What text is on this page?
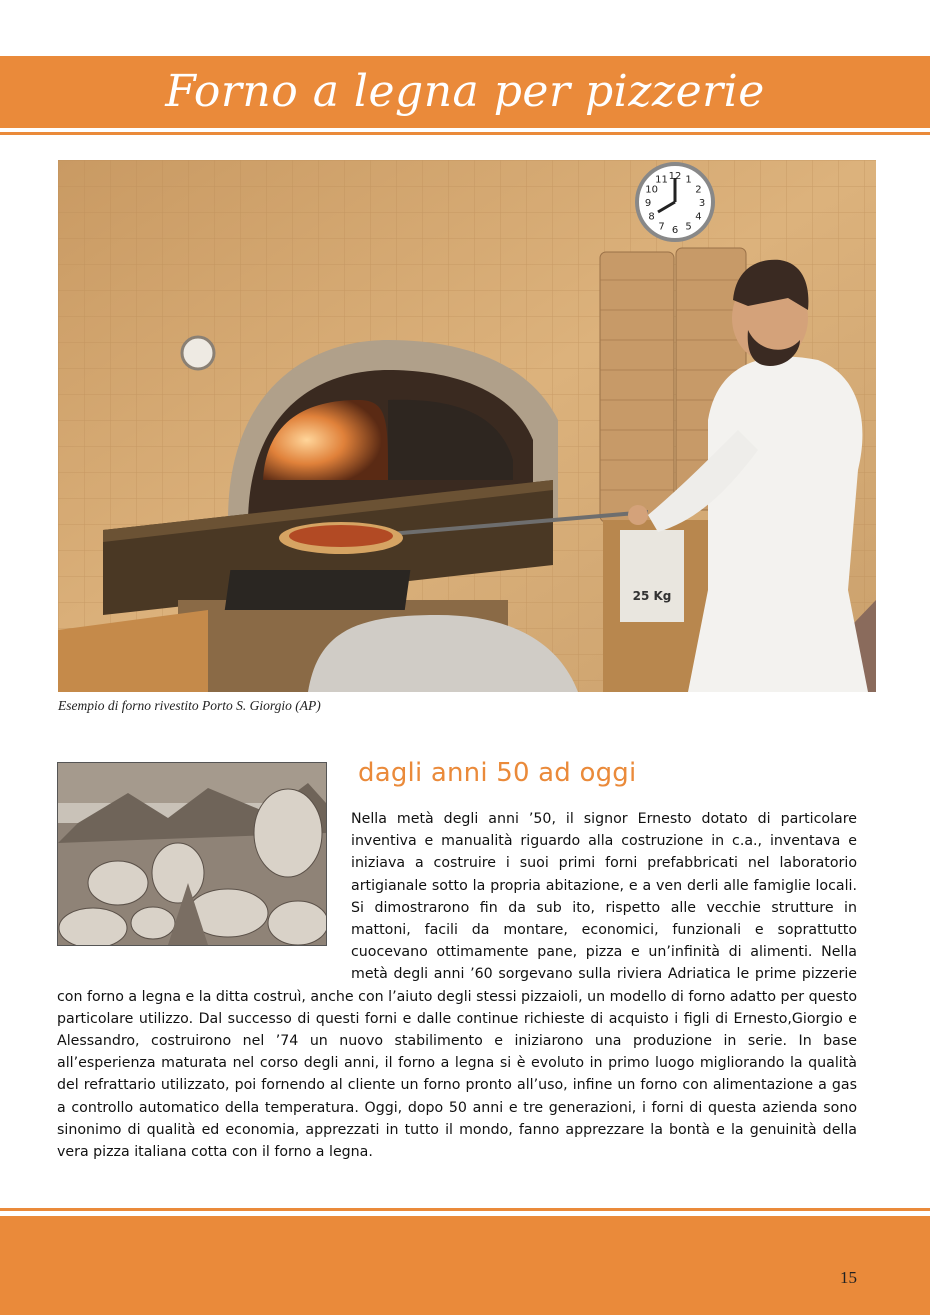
Forno a legna per pizzerie
12 1
2
3
4
5
6
7
8
9
10
11
25 Kg
Esempio di forno rivestito Porto S. Giorgio (AP)
dagli anni 50 ad oggi
Nella metà degli anni ’50, il signor Ernesto dotato di particolare inventiva e manualità riguardo alla costruzione in c.a., inventava e iniziava a costruire i suoi primi forni prefabbricati nel laboratorio artigianale sotto la propria abitazione, e a ven derli alle famiglie locali. Si dimostrarono fin da sub ito, rispetto alle vecchie strutture in mattoni, facili da montare, economici, funzionali e soprattutto cuocevano ottimamente pane, pizza e un’infinità di alimenti. Nella metà degli anni ’60 sorgevano sulla riviera Adriatica le prime pizzerie con forno a legna e la ditta costruì, anche con l’aiuto degli stessi pizzaioli, un modello di forno adatto per questo particolare utilizzo. Dal successo di questi forni e dalle continue richieste di acquisto i figli di Ernesto,Giorgio e Alessandro, costruirono nel ’74 un nuovo stabilimento e iniziarono una produzione in serie. In base all’esperienza maturata nel corso degli anni, il forno a legna si è evoluto in primo luogo migliorando la qualità del refrattario utilizzato, poi fornendo al cliente un forno pronto all’uso, infine un forno con alimentazione a gas a controllo automatico della temperatura. Oggi, dopo 50 anni e tre generazioni, i forni di questa azienda sono sinonimo di qualità ed economia, apprezzati in tutto il mondo, fanno apprezzare la bontà e la genuinità della vera pizza italiana cotta con il forno a legna.
15
